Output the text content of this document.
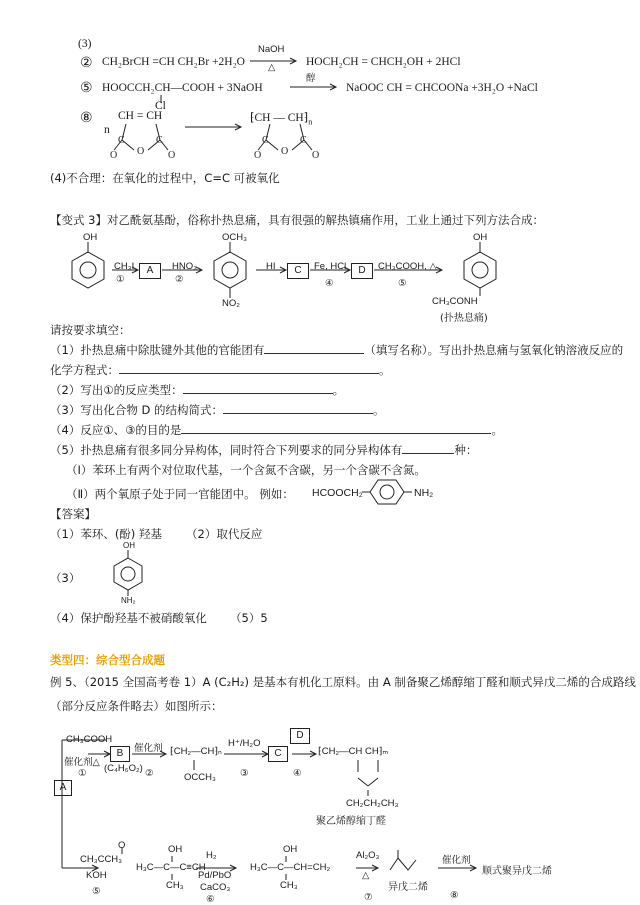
(3)
② CH₂BrCH =CH CH₂Br +2H₂O
NaOH
△	HOCH₂CH = CHCH₂OH + 2HCl
⑤ HOOCCH₂CH—COOH + 3NaOH
Cl
醇
→ NaOOC CH = CHCOONa +3H₂O +NaCl
⑧
n
CH = CH
C	C
O
O	O
⁅CH — $CH⁆_n$
C	C
O
O	O
(4)不合理：在氧化的过程中，C=C 可被氧化
【变式 3】对乙酰氨基酚，俗称扑热息痛，具有很强的解热镇痛作用，工业上通过下列方法合成：
OH
CH₃I
①
A	HNO₃
②
OCH₃
NO₂
HI	C	Fe, HCl
④
D	CH₃COOH, △
⑤
OH
CH₃CONH
(扑热息痛)
请按要求填空：
（1）扑热息痛中除肽键外其他的官能团有	（填写名称）。写出扑热息痛与氢氧化钠溶液反应的
化学方程式：	。
（2）写出①的反应类型：	。
（3）写出化合物 D 的结构简式：	。
（4）反应①、③的目的是	。
（5）扑热息痛有很多同分异构体，同时符合下列要求的同分异构体有	种：
（Ⅰ）苯环上有两个对位取代基，一个含氮不含碳，另一个含碳不含氮。
（Ⅱ）两个氧原子处于同一官能团中。 例如： HCOOCH₂	NH₂
【答案】
（1）苯环、(酚) 羟基 （2）取代反应
（3）
OH
NH₂
（4）保护酚羟基不被硝酸氧化 （5）5
类型四：综合型合成题
例 5、（2015 全国高考卷 1）A (C₂H₂) 是基本有机化工原料。由 A 制备聚乙烯醇缩丁醛和顺式异戊二烯的合成路线
（部分反应条件略去）如图所示：
CH₃COOH
催化剂△
①
B
(C₄H₆O₂)
催化剂
②
⁅CH₂—CH⁆ₙ
OCCH₃
H⁺/H₂O
③
C
D
④
⁅CH₂—CH CH⁆ₘ
CH₂CH₂CH₃
聚乙烯醇缩丁醛
A
O
CH₃CCH₃
KOH
⑤
OH
H₃C—C—C≡CH
CH₃
H₂
Pd/PbO
CaCO₃
⑥
OH
H₃C—C—CH=CH₂
CH₃
Al₂O₃
△
⑦
异戊二烯
催化剂
⑧
顺式聚异戊二烯
